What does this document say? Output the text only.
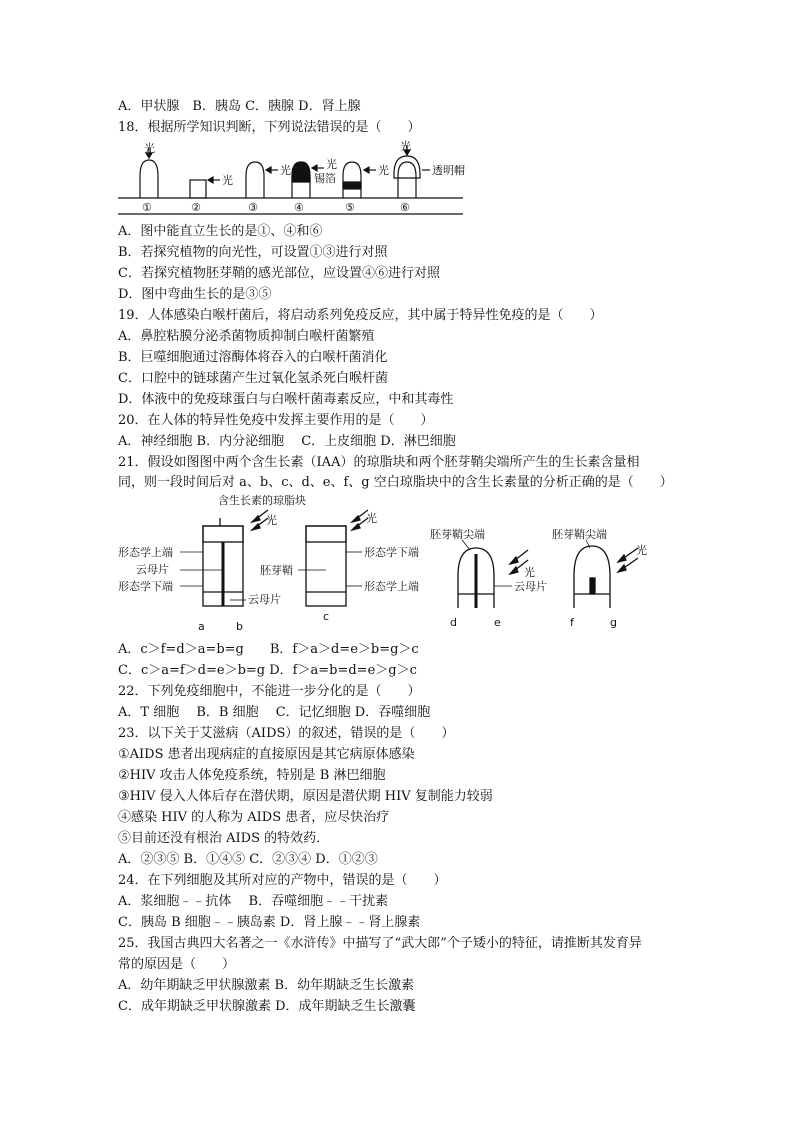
A．甲状腺　B．胰岛 C．胰腺 D．肾上腺
18．根据所学知识判断，下列说法错误的是（　　）
A．图中能直立生长的是①、④和⑥
B．若探究植物的向光性，可设置①③进行对照
C．若探究植物胚芽鞘的感光部位，应设置④⑥进行对照
D．图中弯曲生长的是③⑤
19．人体感染白喉杆菌后，将启动系列免疫反应，其中属于特异性免疫的是（　　）
A．鼻腔粘膜分泌杀菌物质抑制白喉杆菌繁殖
B．巨噬细胞通过溶酶体将吞入的白喉杆菌消化
C．口腔中的链球菌产生过氧化氢杀死白喉杆菌
D．体液中的免疫球蛋白与白喉杆菌毒素反应，中和其毒性
20．在人体的特异性免疫中发挥主要作用的是（　　）
A．神经细胞 B．内分泌细胞　 C．上皮细胞 D．淋巴细胞
21．假设如图图中两个含生长素（IAA）的琼脂块和两个胚芽鞘尖端所产生的生长素含量相
同，则一段时间后对 a、b、c、d、e、f、g 空白琼脂块中的含生长素量的分析正确的是（　　）
A．c＞f=d＞a=b=g　　B．f＞a＞d=e＞b=g＞c
C．c＞a=f＞d=e＞b=g D．f＞a=b=d=e＞g＞c
22．下列免疫细胞中，不能进一步分化的是（　　）
A．T 细胞　 B．B 细胞　 C．记忆细胞 D．吞噬细胞
23．以下关于艾滋病（AIDS）的叙述，错误的是（　　）
①AIDS 患者出现病症的直接原因是其它病原体感染
②HIV 攻击人体免疫系统，特别是 B 淋巴细胞
③HIV 侵入人体后存在潜伏期，原因是潜伏期 HIV 复制能力较弱
④感染 HIV 的人称为 AIDS 患者，应尽快治疗
⑤目前还没有根治 AIDS 的特效药．
A．②③⑤ B．①④⑤ C．②③④ D．①②③
24．在下列细胞及其所对应的产物中，错误的是（　　）
A．浆细胞﹣﹣抗体　 B．吞噬细胞﹣﹣干扰素
C．胰岛 B 细胞﹣﹣胰岛素 D．肾上腺﹣﹣肾上腺素
25．我国古典四大名著之一《水浒传》中描写了“武大郎”个子矮小的特征，请推断其发育异
常的原因是（　　）
A．幼年期缺乏甲状腺激素 B．幼年期缺乏生长激素
C．成年期缺乏甲状腺激素 D．成年期缺乏生长激囊
光
光
光	光
锡箔
光
光
透明帽
①	②	③	④	⑤	⑥
含生长素的琼脂块
光	光
形态学上端
云母片
形态学下端
胚芽鞘
云母片
形态学下端
形态学上端
胚芽鞘尖端
光
云母片
胚芽鞘尖端
光
a	b
c	d	e	f	g
